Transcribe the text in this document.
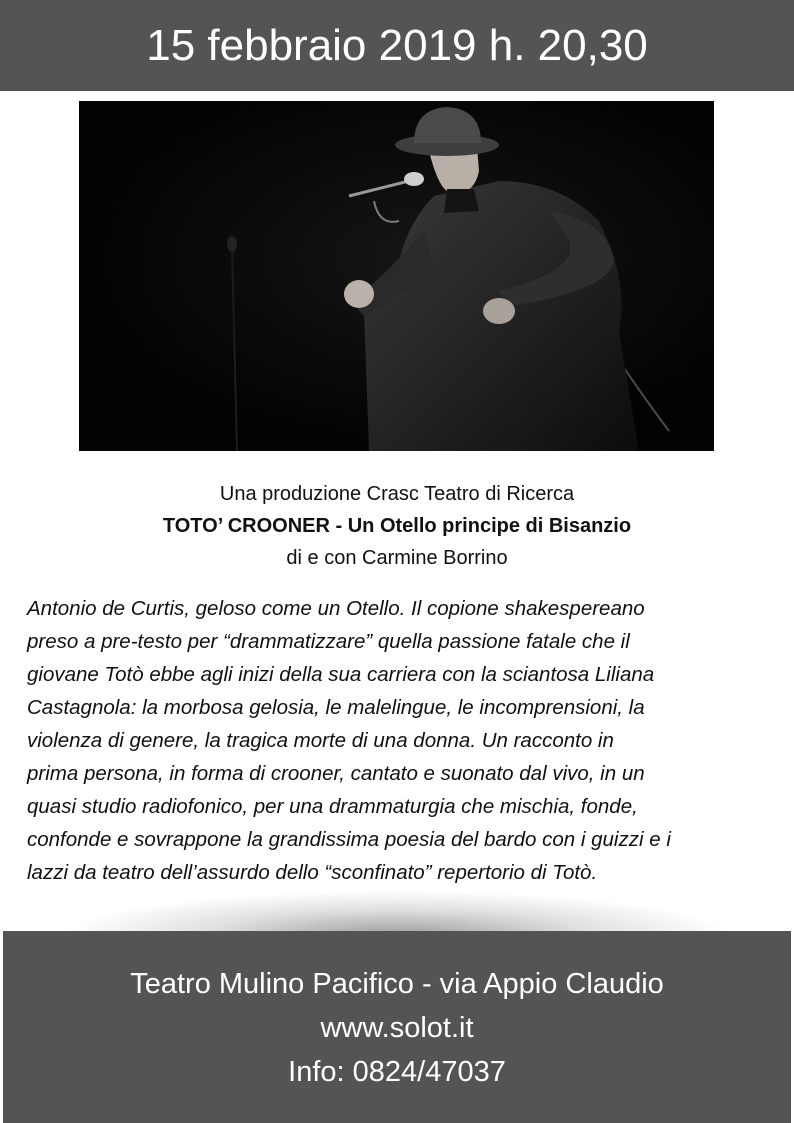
15 febbraio 2019 h. 20,30
Una produzione Crasc Teatro di Ricerca
TOTO’ CROONER - Un Otello principe di Bisanzio
di e con Carmine Borrino
Antonio de Curtis, geloso come un Otello. Il copione shakespereano
preso a pre-testo per “drammatizzare” quella passione fatale che il
giovane Totò ebbe agli inizi della sua carriera con la sciantosa Liliana
Castagnola: la morbosa gelosia, le malelingue, le incomprensioni, la
violenza di genere, la tragica morte di una donna. Un racconto in
prima persona, in forma di crooner, cantato e suonato dal vivo, in un
quasi studio radiofonico, per una drammaturgia che mischia, fonde,
confonde e sovrappone la grandissima poesia del bardo con i guizzi e i
lazzi da teatro dell’assurdo dello “sconfinato” repertorio di Totò.
Teatro Mulino Pacifico - via Appio Claudio
www.solot.it
Info: 0824/47037
